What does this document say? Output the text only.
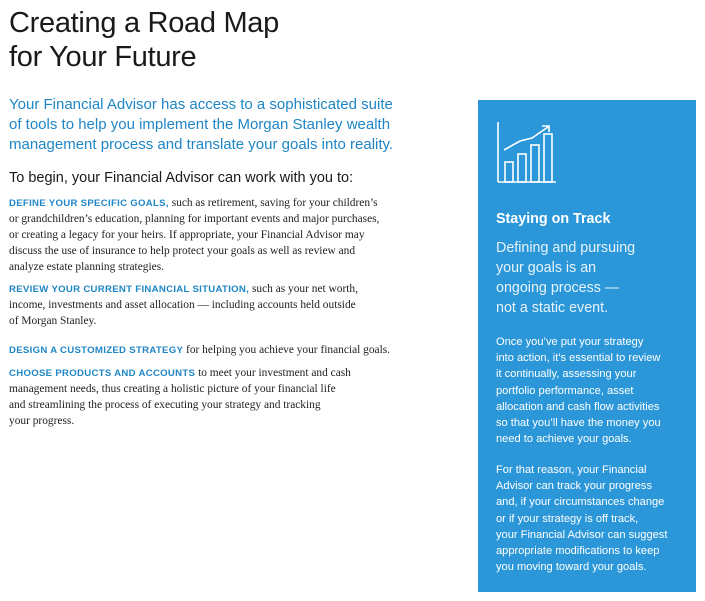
Creating a Road Map
for Your Future

Your Financial Advisor has access to a sophisticated suite
of tools to help you implement the Morgan Stanley wealth
management process and translate your goals into reality.

To begin, your Financial Advisor can work with you to:

DEFINE YOUR SPECIFIC GOALS, such as retirement, saving for your children’s
or grandchildren’s education, planning for important events and major purchases,
or creating a legacy for your heirs. If appropriate, your Financial Advisor may
discuss the use of insurance to help protect your goals as well as review and
analyze estate planning strategies.

REVIEW YOUR CURRENT FINANCIAL SITUATION, such as your net worth,
income, investments and asset allocation — including accounts held outside
of Morgan Stanley.

DESIGN A CUSTOMIZED STRATEGY for helping you achieve your financial goals.

CHOOSE PRODUCTS AND ACCOUNTS to meet your investment and cash
management needs, thus creating a holistic picture of your financial life
and streamlining the process of executing your strategy and tracking
your progress.

Staying on Track

Defining and pursuing
your goals is an
ongoing process —
not a static event.

Once you’ve put your strategy
into action, it’s essential to review
it continually, assessing your
portfolio performance, asset
allocation and cash flow activities
so that you’ll have the money you
need to achieve your goals.

For that reason, your Financial
Advisor can track your progress
and, if your circumstances change
or if your strategy is off track,
your Financial Advisor can suggest
appropriate modifications to keep
you moving toward your goals.
